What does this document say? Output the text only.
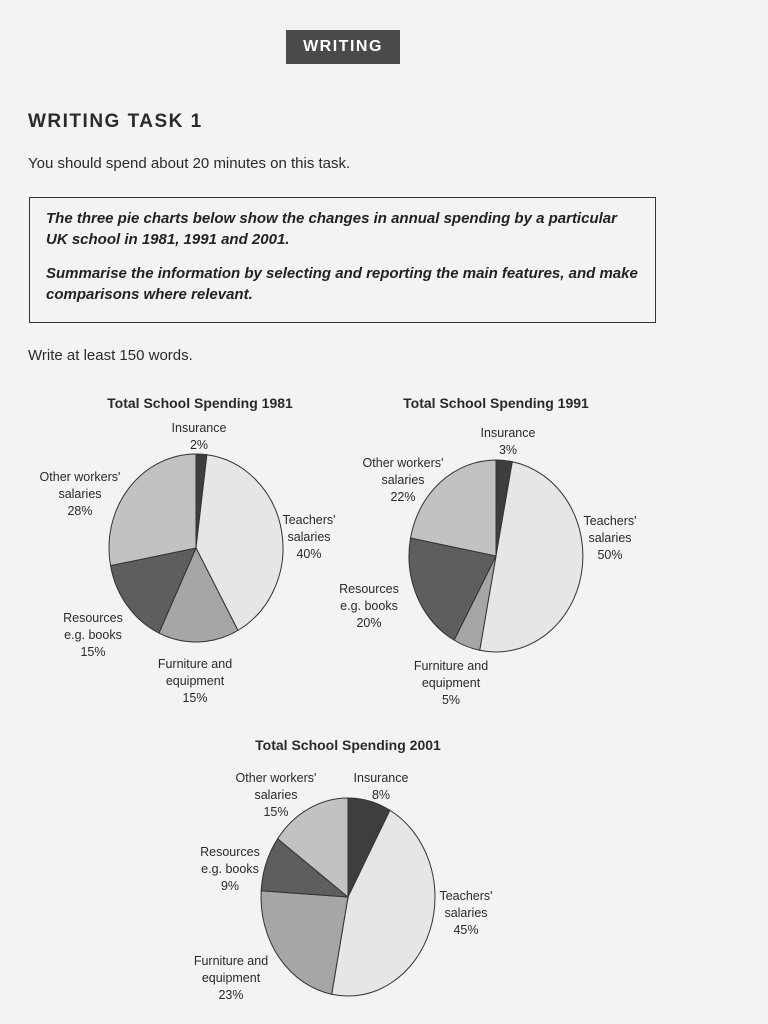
WRITING
WRITING TASK 1
You should spend about 20 minutes on this task.

The three pie charts below show the changes in annual spending by a particular UK school in 1981, 1991 and 2001.

Summarise the information by selecting and reporting the main features, and make comparisons where relevant.

Write at least 150 words.
Total School Spending 1981
Insurance 2%
Teachers' salaries 40%
Furniture and equipment 15%
Resources e.g. books 15%
Other workers' salaries 28%
Total School Spending 1991
Insurance 3%
Teachers' salaries 50%
Furniture and equipment 5%
Resources e.g. books 20%
Other workers' salaries 22%
Total School Spending 2001
Insurance 8%
Teachers' salaries 45%
Furniture and equipment 23%
Resources e.g. books 9%
Other workers' salaries 15%
